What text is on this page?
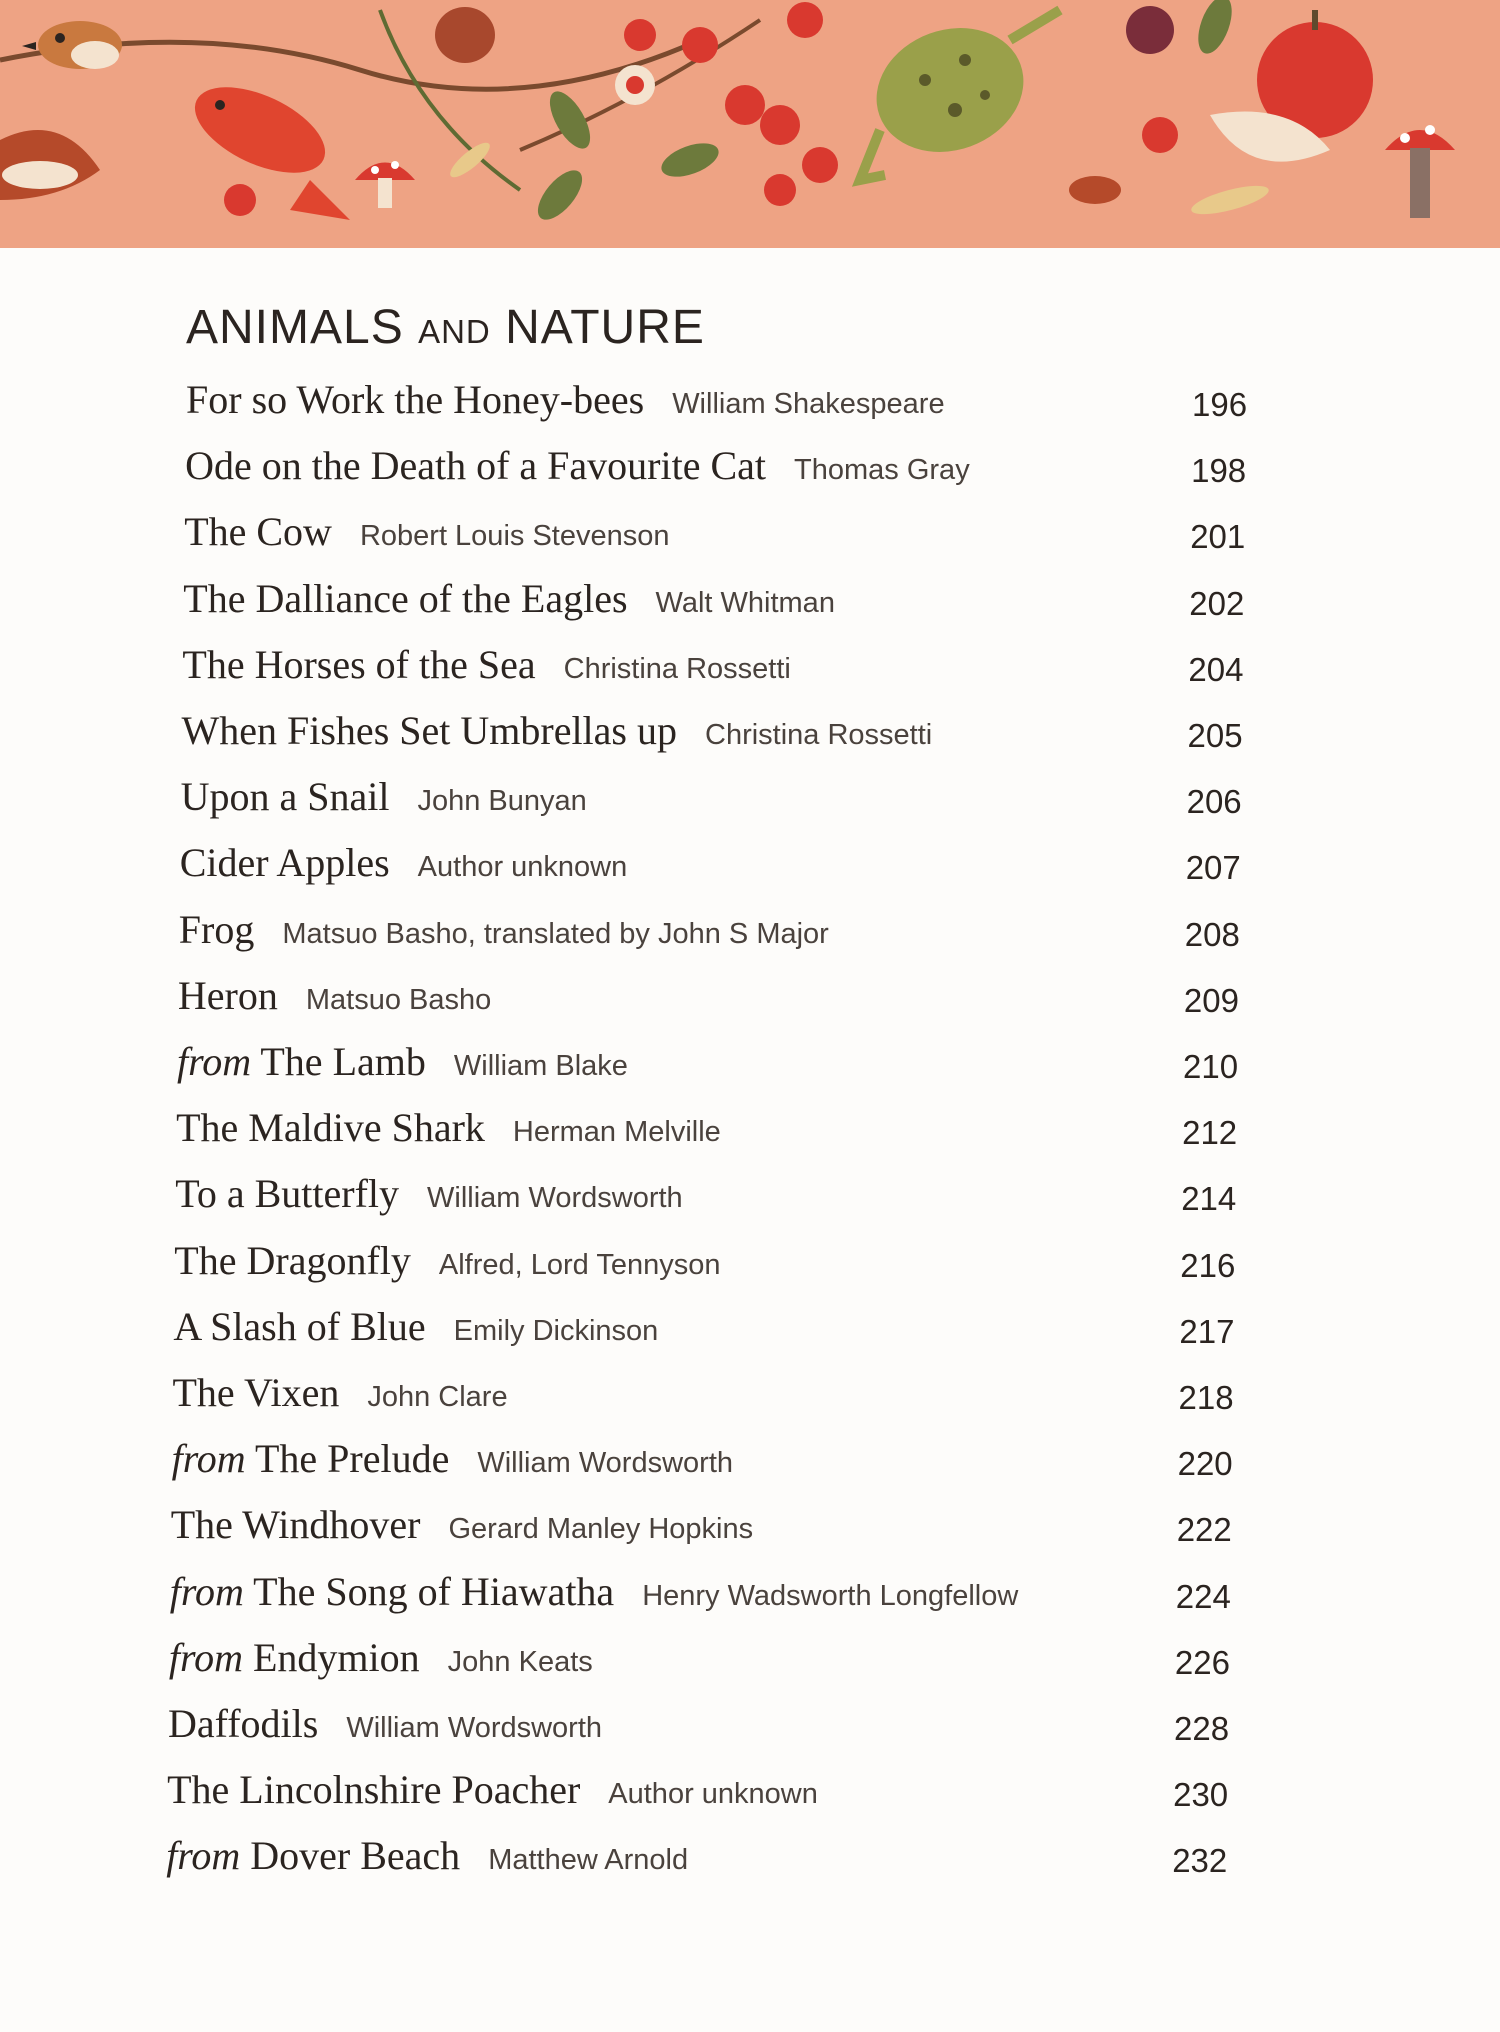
ANIMALS AND NATURE
For so Work the Honey-bees William Shakespeare	196
Ode on the Death of a Favourite Cat Thomas Gray	198
The Cow Robert Louis Stevenson	201
The Dalliance of the Eagles Walt Whitman	202
The Horses of the Sea Christina Rossetti	204
When Fishes Set Umbrellas up Christina Rossetti	205
Upon a Snail John Bunyan	206
Cider Apples Author unknown	207
Frog Matsuo Basho, translated by John S Major	208
Heron Matsuo Basho	209
from The Lamb William Blake	210
The Maldive Shark Herman Melville	212
To a Butterfly William Wordsworth	214
The Dragonfly Alfred, Lord Tennyson	216
A Slash of Blue Emily Dickinson	217
The Vixen John Clare	218
from The Prelude William Wordsworth	220
The Windhover Gerard Manley Hopkins	222
from The Song of Hiawatha Henry Wadsworth Longfellow	224
from Endymion John Keats	226
Daffodils William Wordsworth	228
The Lincolnshire Poacher Author unknown	230
from Dover Beach Matthew Arnold	232
